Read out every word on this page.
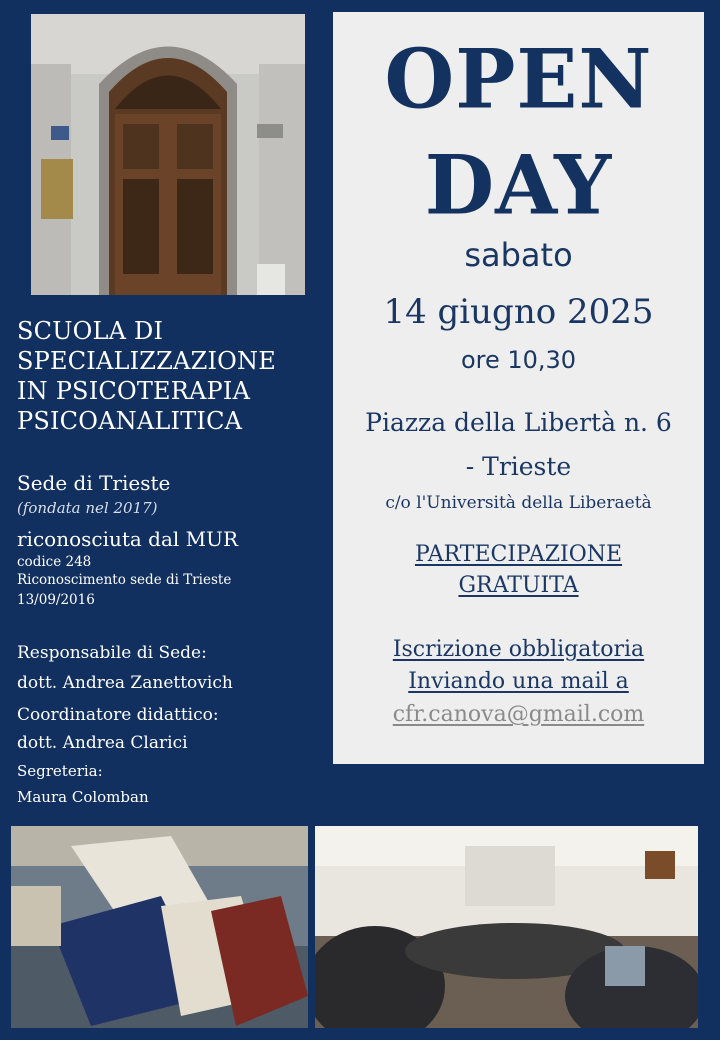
SCUOLA DI
SPECIALIZZAZIONE
IN PSICOTERAPIA
PSICOANALITICA
Sede di Trieste
(fondata nel 2017)
riconosciuta dal MUR
codice 248
Riconoscimento sede di Trieste
13/09/2016
Responsabile di Sede:
dott. Andrea Zanettovich
Coordinatore didattico:
dott. Andrea Clarici
Segreteria:
Maura Colomban
OPEN
DAY
sabato
14 giugno 2025
ore 10,30
Piazza della Libertà n. 6
- Trieste
c/o l'Università della Liberaetà
PARTECIPAZIONE
GRATUITA
Iscrizione obbligatoria
Inviando una mail a
cfr.canova@gmail.com
